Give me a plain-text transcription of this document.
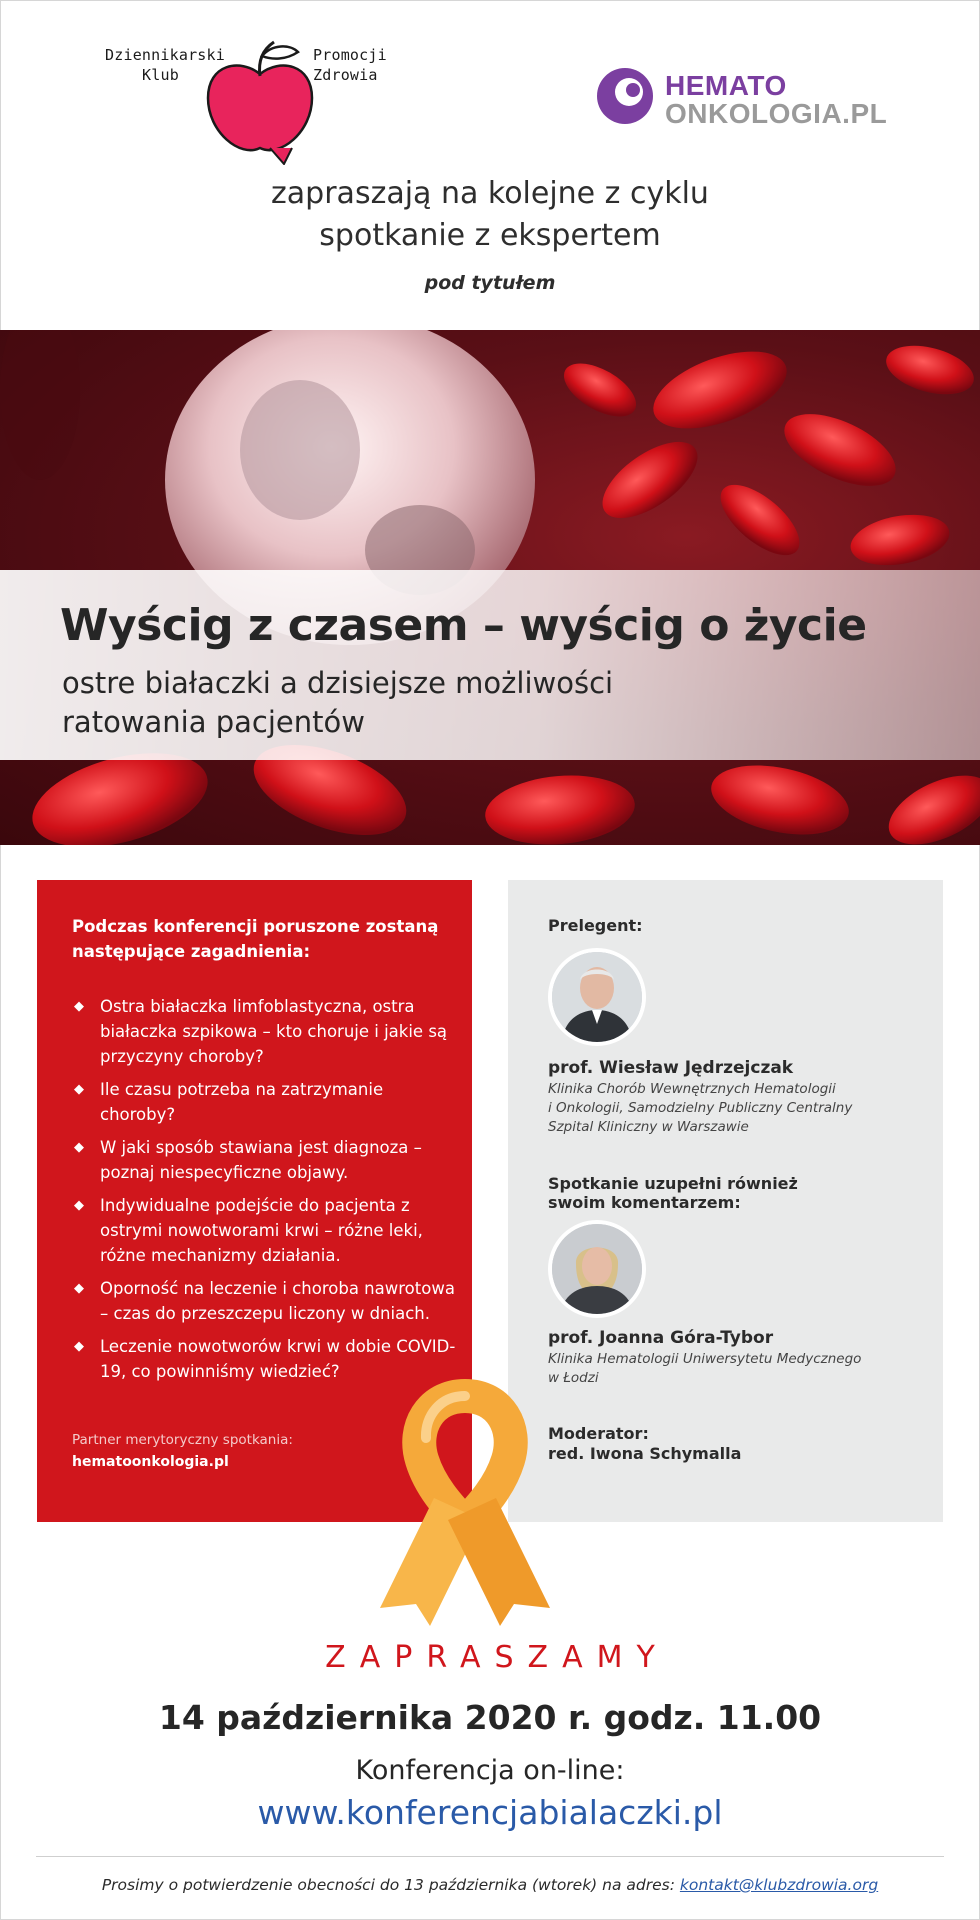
Dziennikarski
Klub
Promocji
Zdrowia	HEMATO
ONKOLOGIA.PL
zapraszają na kolejne z cyklu
spotkanie z ekspertem
pod tytułem
Wyścig z czasem – wyścig o życie
ostre białaczki a dzisiejsze możliwości
ratowania pacjentów
Podczas konferencji poruszone zostaną następujące zagadnienia:
◆ Ostra białaczka limfoblastyczna, ostra białaczka szpikowa – kto choruje i jakie są przyczyny choroby?
◆ Ile czasu potrzeba na zatrzymanie choroby?
◆ W jaki sposób stawiana jest diagnoza – poznaj niespecyficzne objawy.
◆ Indywidualne podejście do pacjenta z ostrymi nowotworami krwi – różne leki, różne mechanizmy działania.
◆ Oporność na leczenie i choroba nawrotowa – czas do przeszczepu liczony w dniach.
◆ Leczenie nowotworów krwi w dobie COVID-19, co powinniśmy wiedzieć?
Partner merytoryczny spotkania:
hematoonkologia.pl
Prelegent:
prof. Wiesław Jędrzejczak
Klinika Chorób Wewnętrznych Hematologii
i Onkologii, Samodzielny Publiczny Centralny
Szpital Kliniczny w Warszawie
Spotkanie uzupełni również
swoim komentarzem:
prof. Joanna Góra-Tybor
Klinika Hematologii Uniwersytetu Medycznego
w Łodzi
Moderator:
red. Iwona Schymalla
ZAPRASZAMY
14 października 2020 r. godz. 11.00
Konferencja on-line:
www.konferencjabialaczki.pl
Prosimy o potwierdzenie obecności do 13 października (wtorek) na adres: kontakt@klubzdrowia.org
